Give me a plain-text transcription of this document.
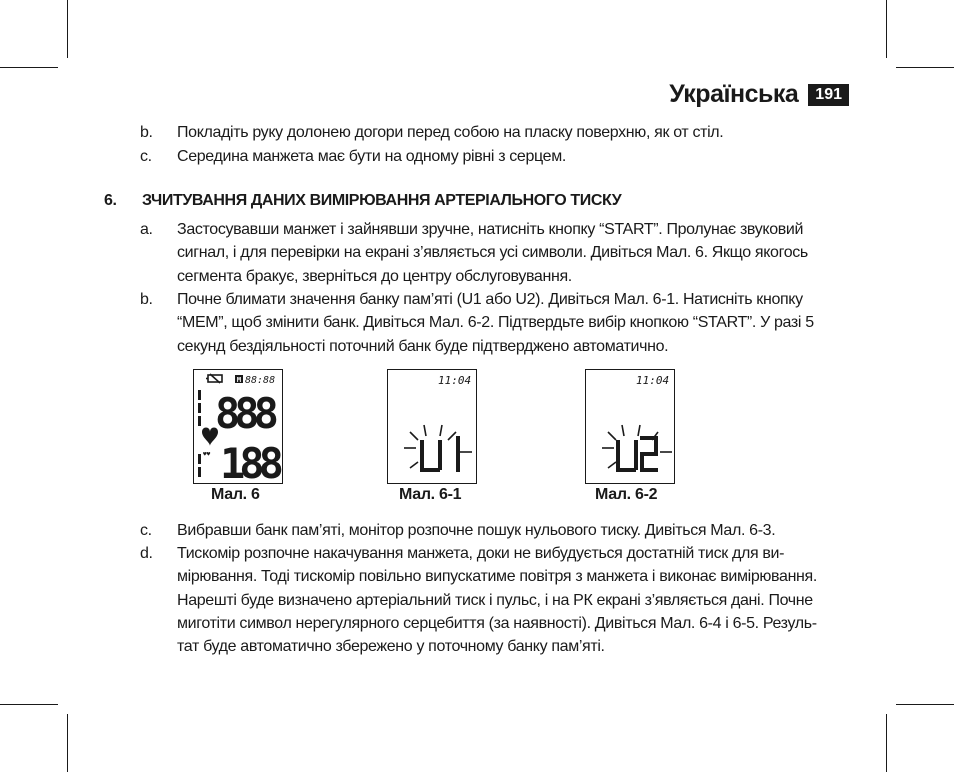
Українська	191
b. Покладіть руку долонею догори перед собою на пласку поверхню, як от стіл.
c. Середина манжета має бути на одному рівні з серцем.
6. ЗЧИТУВАННЯ ДАНИХ ВИМІРЮВАННЯ АРТЕРІАЛЬНОГО ТИСКУ
a. Застосувавши манжет і зайнявши зручне, натисніть кнопку “START”. Пролунає звуковий
сигнал, і для перевірки на екрані з’являється усі символи. Дивіться Мал. 6. Якщо якогось
сегмента бракує, зверніться до центру обслуговування.
b. Почне блимати значення банку пам’яті (U1 або U2). Дивіться Мал. 6-1. Натисніть кнопку
“MEM”, щоб змінити банк. Дивіться Мал. 6-2. Підтвердьте вибір кнопкою “START”. У разі 5
секунд бездіяльності поточний банк буде підтверджено автоматично.
c. Вибравши банк пам’яті, монітор розпочне пошук нульового тиску. Дивіться Мал. 6-3.
d. Тискомір розпочне накачування манжета, доки не вибудується достатній тиск для ви-
мірювання. Тоді тискомір повільно випускатиме повітря з манжета і виконає вимірювання.
Нарешті буде визначено артеріальний тиск і пульс, і на РК екрані з’являється дані. Почне
миготіти символ нерегулярного серцебиття (за наявності). Дивіться Мал. 6-4 і 6-5. Резуль-
тат буде автоматично збережено у поточному банку пам’яті.
M 88:88
♥♥
888
188
Мал. 6
11:04
Мал. 6-1
11:04
Мал. 6-2
